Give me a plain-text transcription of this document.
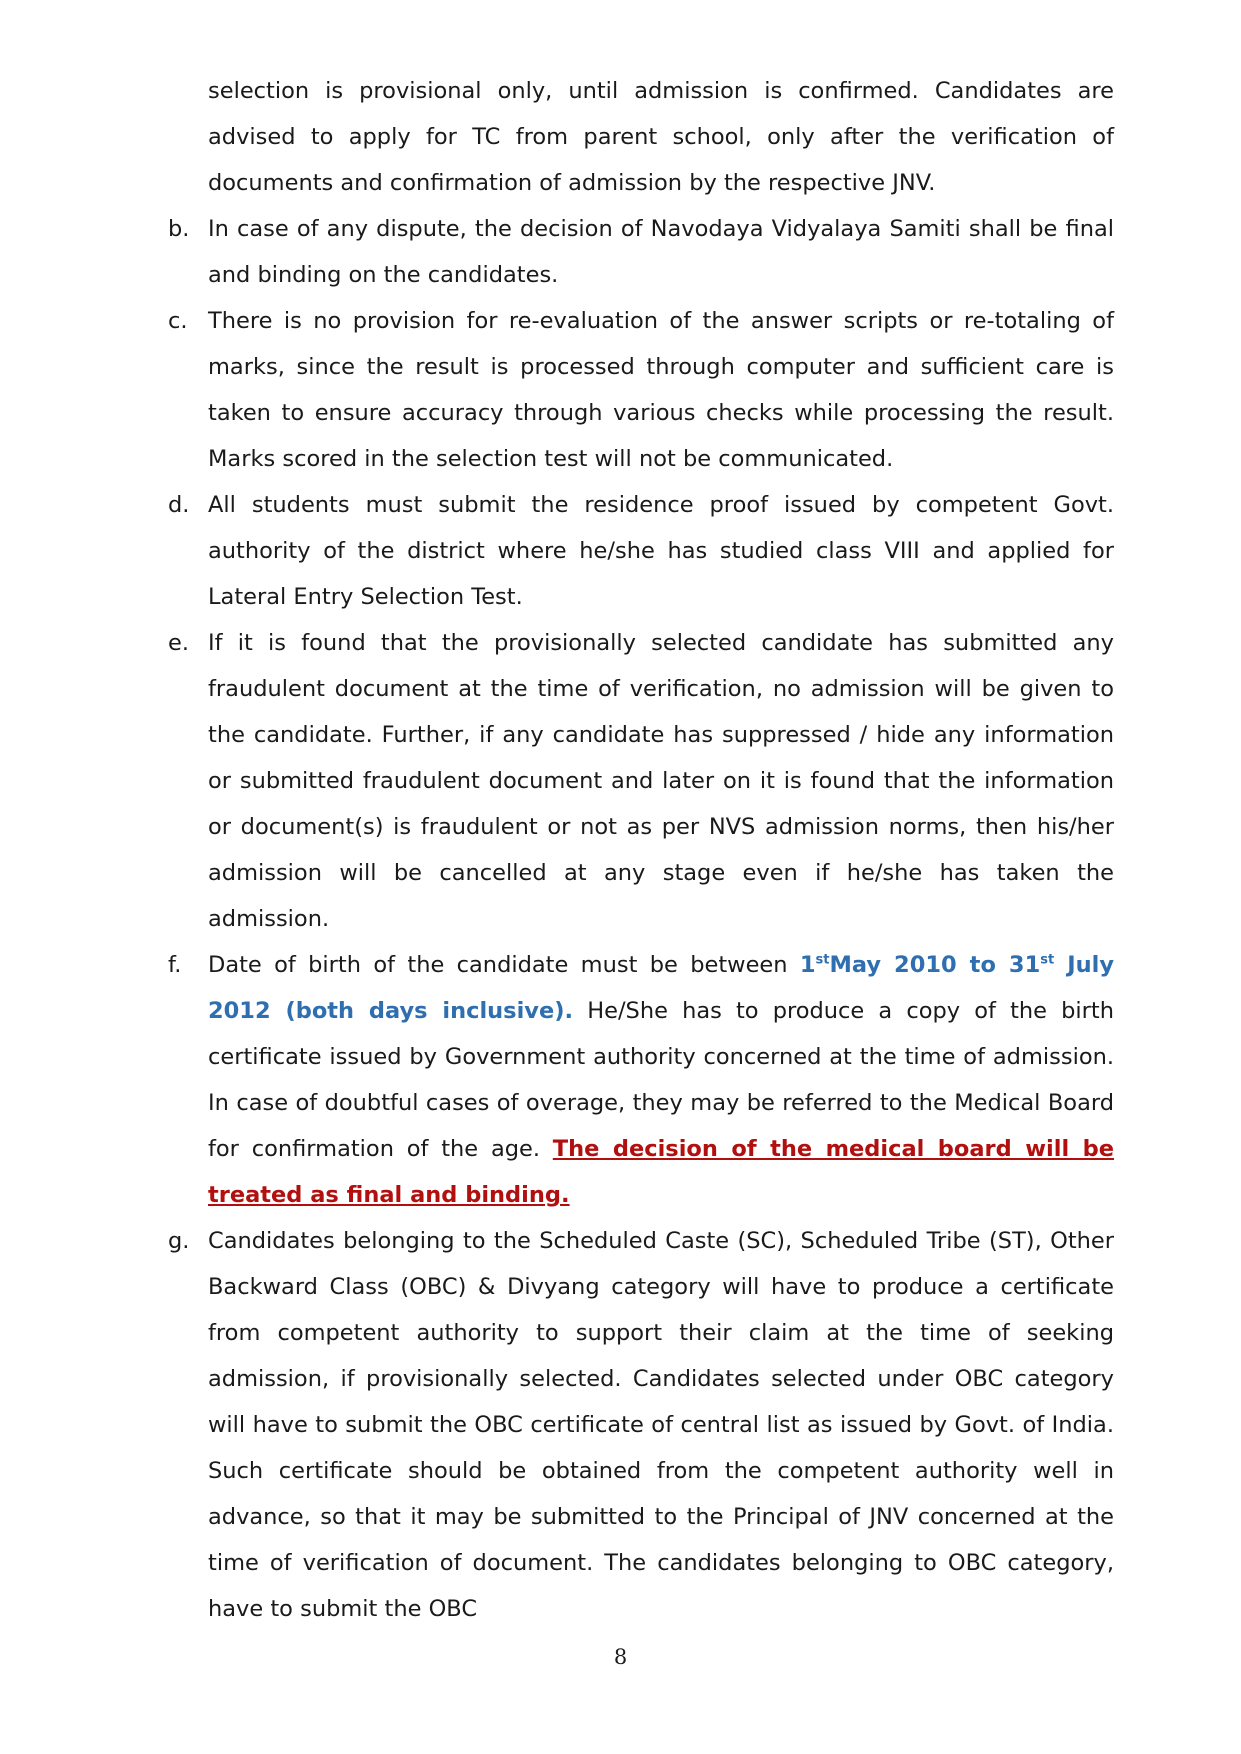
selection is provisional only, until admission is confirmed. Candidates are advised to apply for TC from parent school, only after the verification of documents and confirmation of admission by the respective JNV.

b. In case of any dispute, the decision of Navodaya Vidyalaya Samiti shall be final and binding on the candidates.
c. There is no provision for re-evaluation of the answer scripts or re-totaling of marks, since the result is processed through computer and sufficient care is taken to ensure accuracy through various checks while processing the result. Marks scored in the selection test will not be communicated.
d. All students must submit the residence proof issued by competent Govt. authority of the district where he/she has studied class VIII and applied for Lateral Entry Selection Test.
e. If it is found that the provisionally selected candidate has submitted any fraudulent document at the time of verification, no admission will be given to the candidate. Further, if any candidate has suppressed / hide any information or submitted fraudulent document and later on it is found that the information or document(s) is fraudulent or not as per NVS admission norms, then his/her admission will be cancelled at any stage even if he/she has taken the admission.
f.	Date of birth of the candidate must be between 1stMay 2010 to 31st July 2012 (both days inclusive). He/She has to produce a copy of the birth certificate issued by Government authority concerned at the time of admission. In case of doubtful cases of overage, they may be referred to the Medical Board for confirmation of the age. The decision of the medical board will be treated as final and binding.
g. Candidates belonging to the Scheduled Caste (SC), Scheduled Tribe (ST), Other Backward Class (OBC) & Divyang category will have to produce a certificate from competent authority to support their claim at the time of seeking admission, if provisionally selected. Candidates selected under OBC category will have to submit the OBC certificate of central list as issued by Govt. of India. Such certificate should be obtained from the competent authority well in advance, so that it may be submitted to the Principal of JNV concerned at the time of verification of document. The candidates belonging to OBC category, have to submit the OBC
8
